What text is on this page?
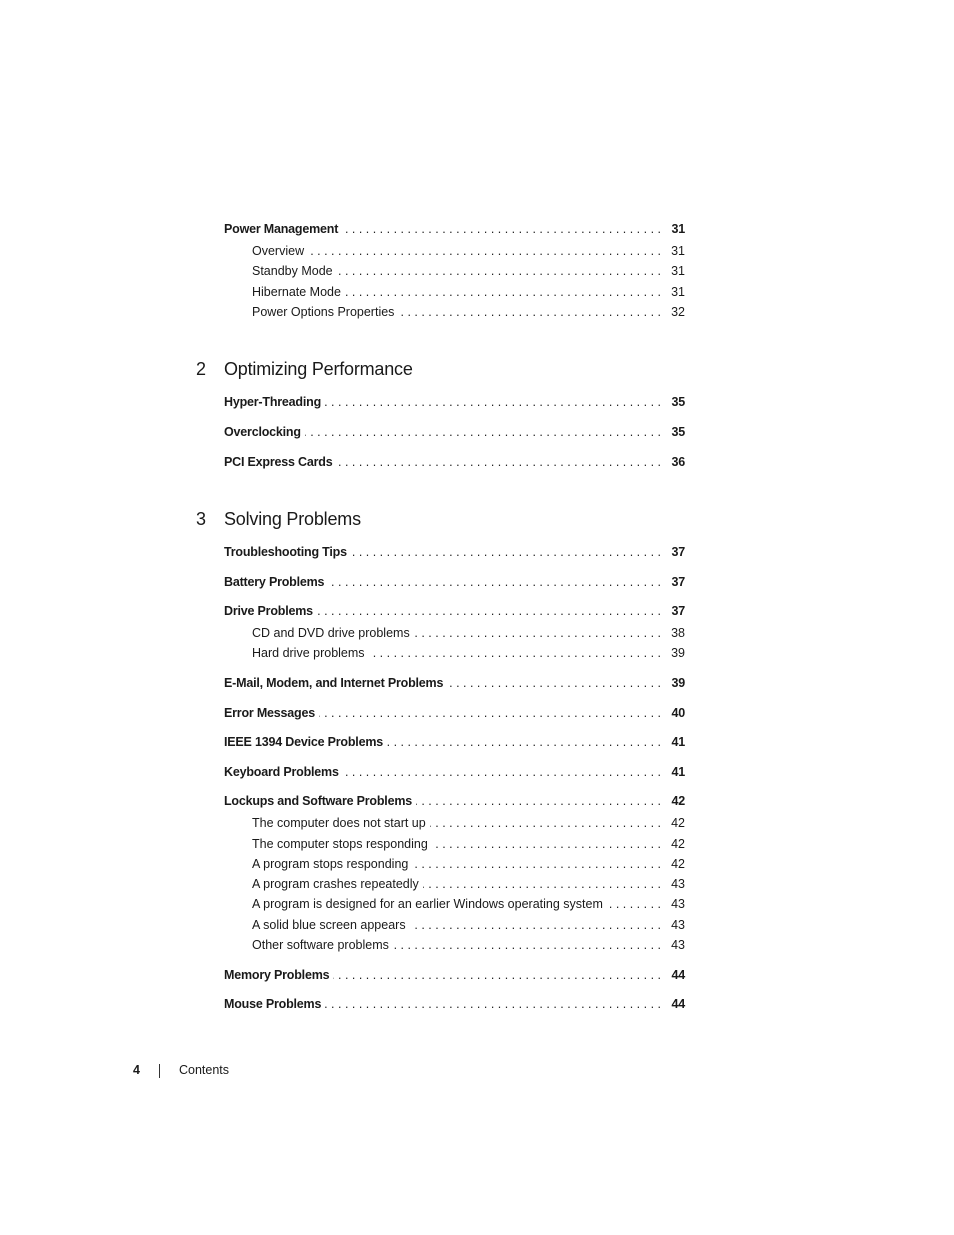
Power Management . . .	31
Overview . . .	31
Standby Mode . . .	31
Hibernate Mode . . .	31
Power Options Properties . . .	32
2 Optimizing Performance
Hyper-Threading . . .	35
Overclocking . . .	35
PCI Express Cards . . .	36
3 Solving Problems
Troubleshooting Tips . . .	37
Battery Problems . . .	37
Drive Problems . . .	37
CD and DVD drive problems . . .	38
Hard drive problems . . .	39
E-Mail, Modem, and Internet Problems . . .	39
Error Messages . . .	40
IEEE 1394 Device Problems . . .	41
Keyboard Problems . . .	41
Lockups and Software Problems . . .	42
The computer does not start up . . .	42
The computer stops responding . . .	42
A program stops responding . . .	42
A program crashes repeatedly . . .	43
A program is designed for an earlier Windows operating system . . .	43
A solid blue screen appears . . .	43
Other software problems . . .	43
Memory Problems . . .	44
Mouse Problems . . .	44
4	Contents
